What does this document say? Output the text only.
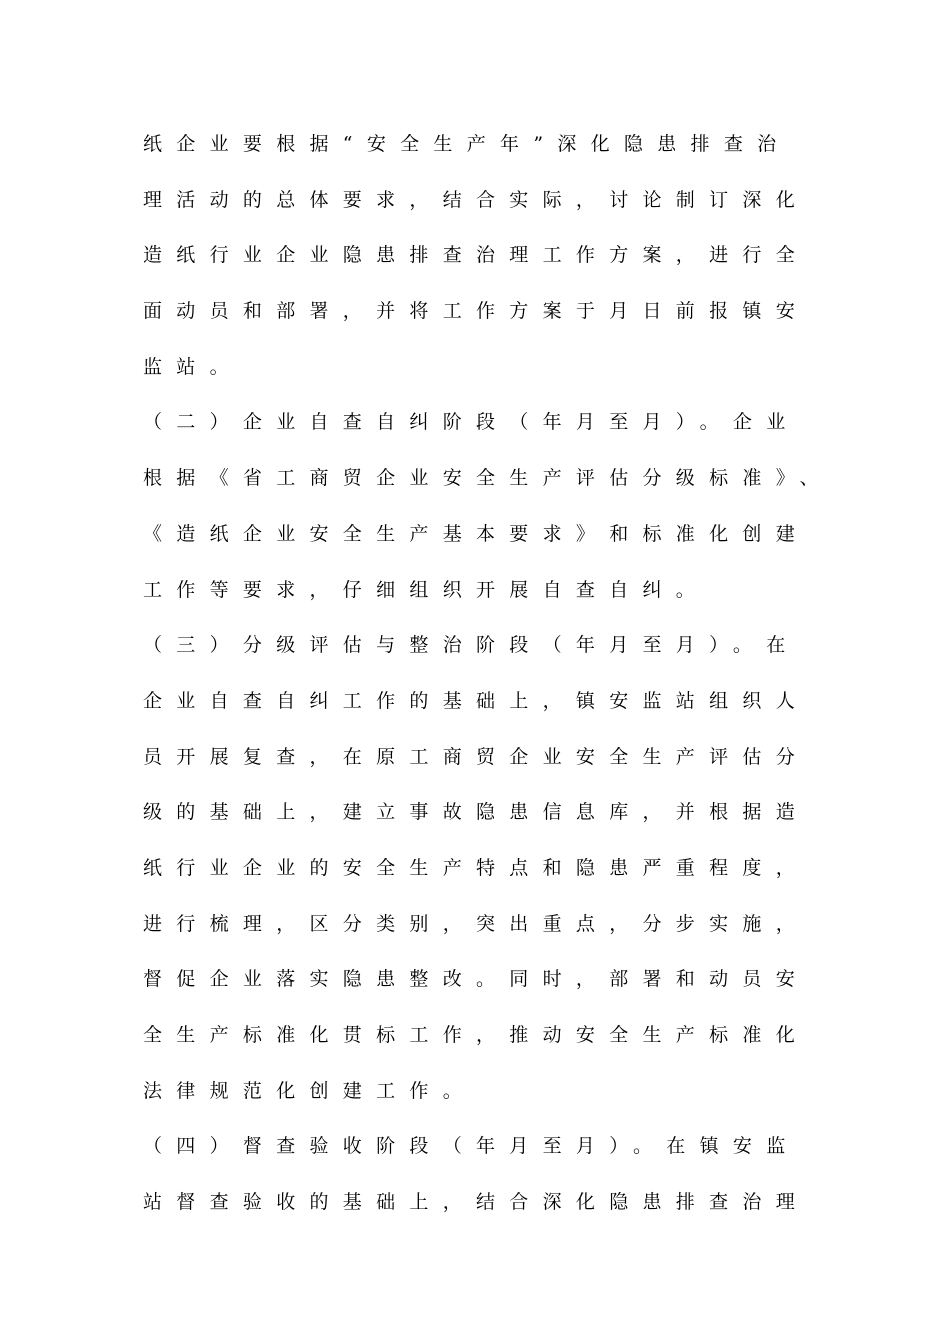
纸企业要根据“安全生产年”深化隐患排查治
理活动的总体要求，结合实际，讨论制订深化
造纸行业企业隐患排查治理工作方案，进行全
面动员和部署，并将工作方案于月日前报镇安
监站。
（二）企业自查自纠阶段（年月至月）。企业
根据《省工商贸企业安全生产评估分级标准》、
《造纸企业安全生产基本要求》和标准化创建
工作等要求，仔细组织开展自查自纠。
（三）分级评估与整治阶段（年月至月）。在
企业自查自纠工作的基础上，镇安监站组织人
员开展复查，在原工商贸企业安全生产评估分
级的基础上，建立事故隐患信息库，并根据造
纸行业企业的安全生产特点和隐患严重程度，
进行梳理，区分类别，突出重点，分步实施，
督促企业落实隐患整改。同时，部署和动员安
全生产标准化贯标工作，推动安全生产标准化
法律规范化创建工作。
（四）督查验收阶段（年月至月）。在镇安监
站督查验收的基础上，结合深化隐患排查治理
